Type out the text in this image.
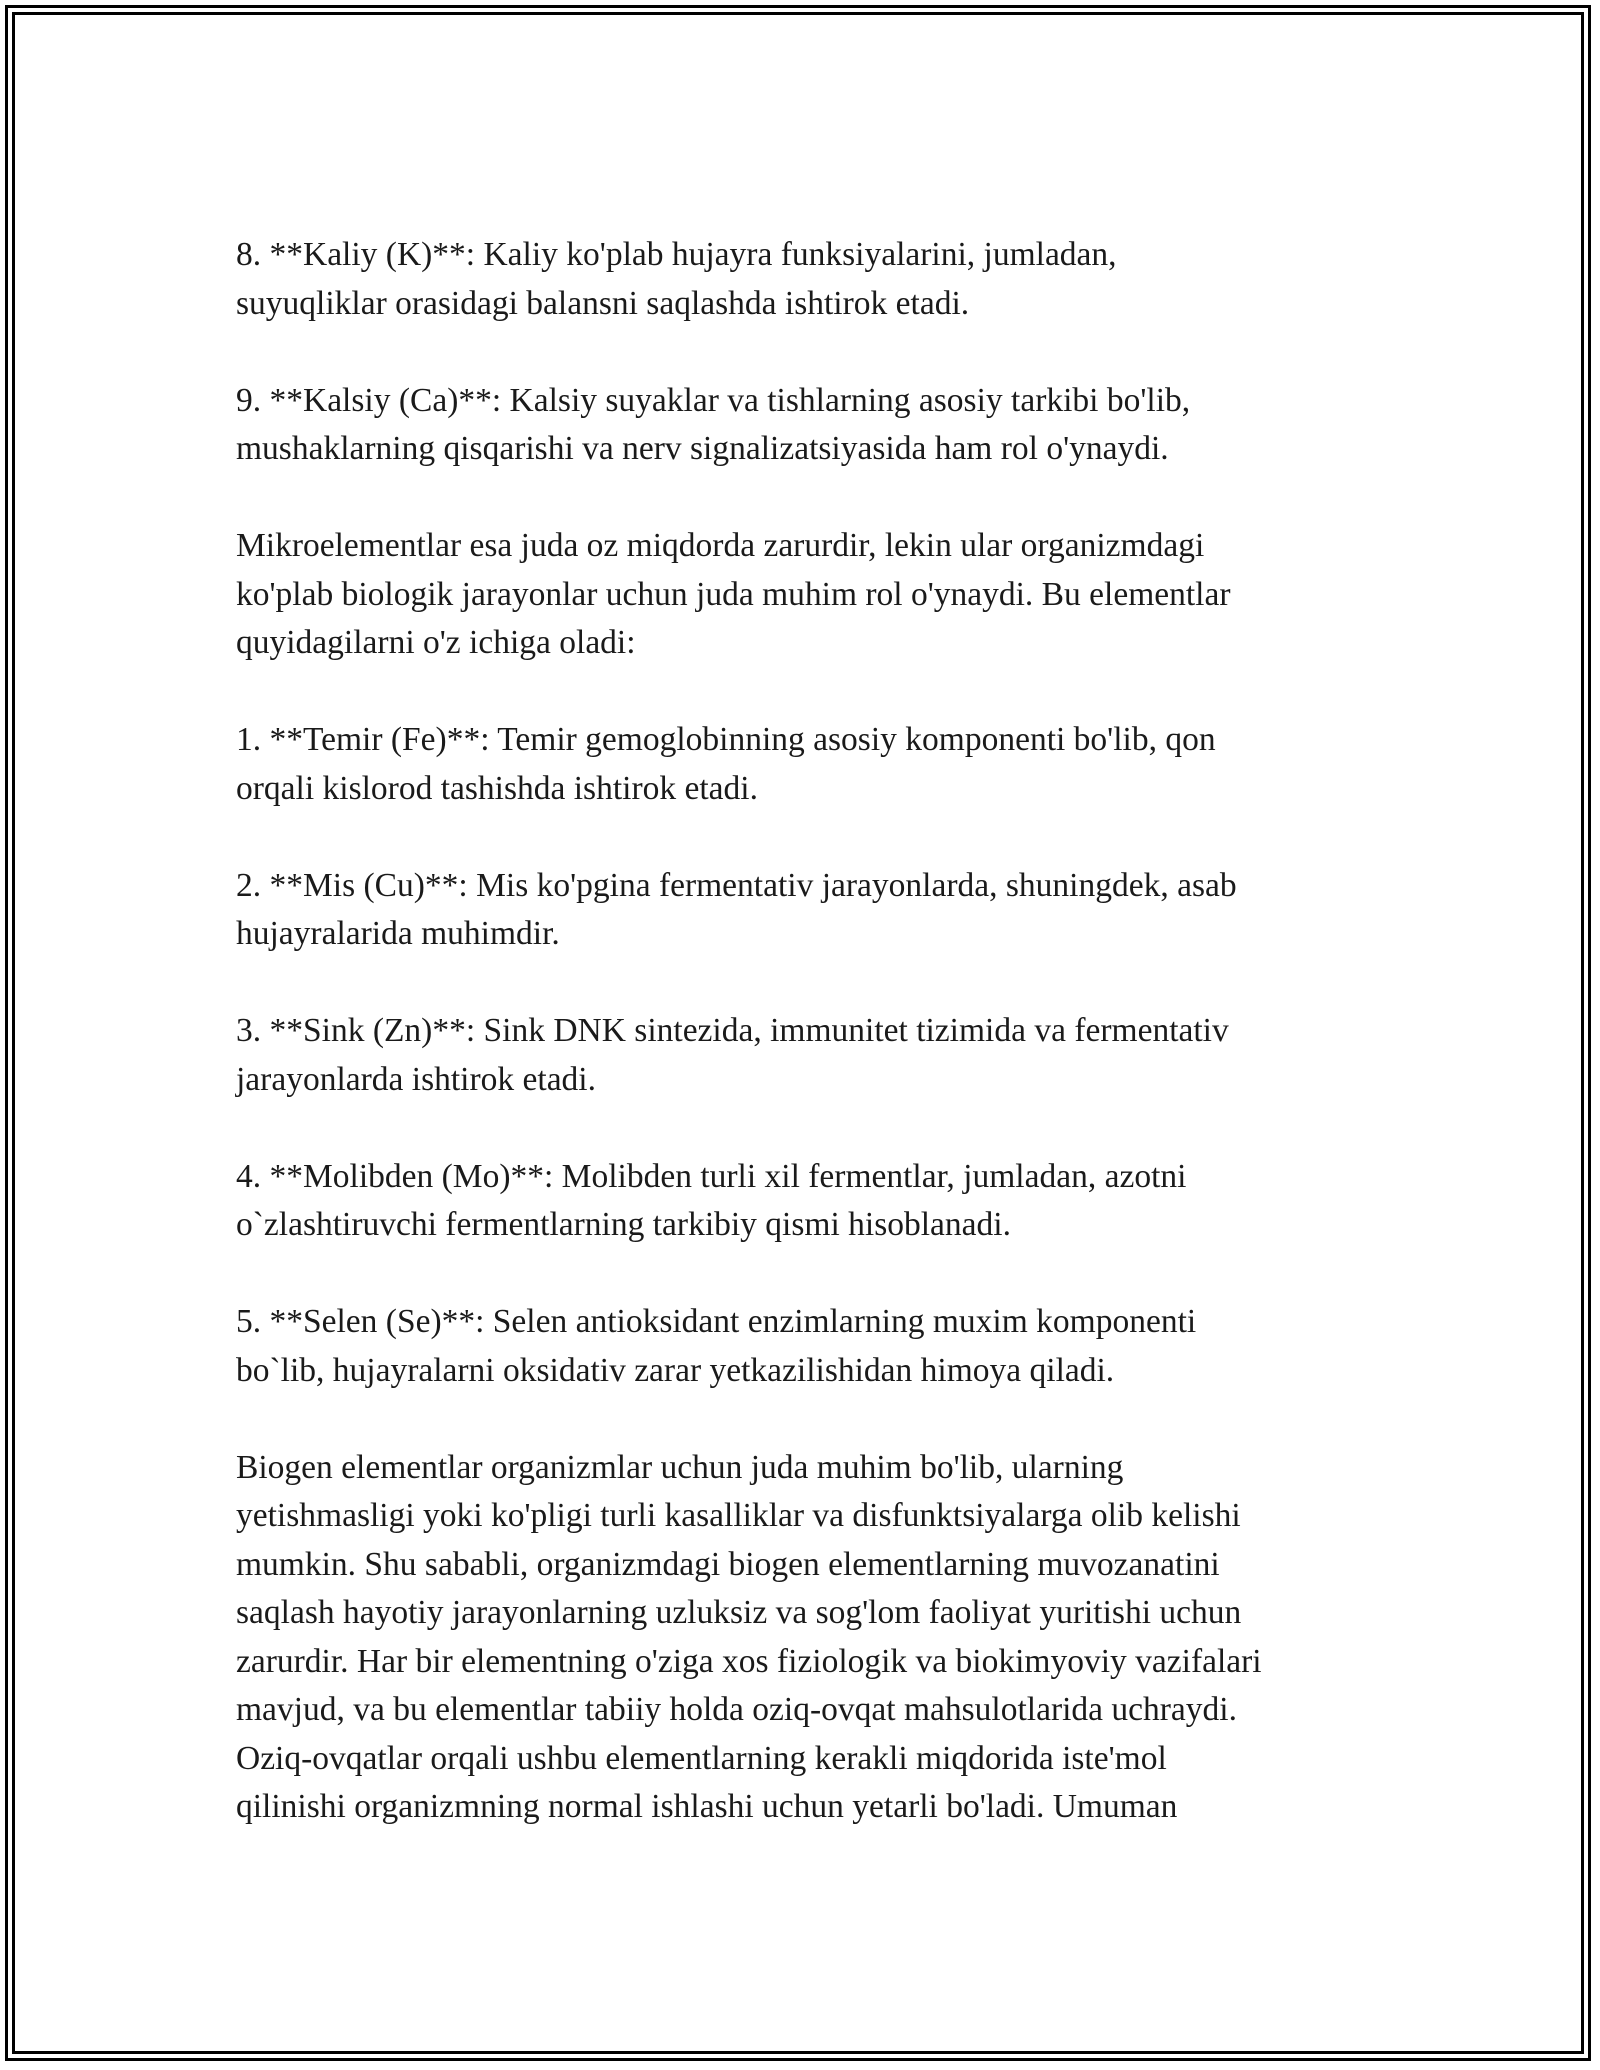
8. **Kaliy (K)**: Kaliy ko'plab hujayra funksiyalarini, jumladan,
suyuqliklar orasidagi balansni saqlashda ishtirok etadi.

9. **Kalsiy (Ca)**: Kalsiy suyaklar va tishlarning asosiy tarkibi bo'lib,
mushaklarning qisqarishi va nerv signalizatsiyasida ham rol o'ynaydi.

Mikroelementlar esa juda oz miqdorda zarurdir, lekin ular organizmdagi
ko'plab biologik jarayonlar uchun juda muhim rol o'ynaydi. Bu elementlar
quyidagilarni o'z ichiga oladi:

1. **Temir (Fe)**: Temir gemoglobinning asosiy komponenti bo'lib, qon
orqali kislorod tashishda ishtirok etadi.

2. **Mis (Cu)**: Mis ko'pgina fermentativ jarayonlarda, shuningdek, asab
hujayralarida muhimdir.

3. **Sink (Zn)**: Sink DNK sintezida, immunitet tizimida va fermentativ
jarayonlarda ishtirok etadi.

4. **Molibden (Mo)**: Molibden turli xil fermentlar, jumladan, azotni
o`zlashtiruvchi fermentlarning tarkibiy qismi hisoblanadi.

5. **Selen (Se)**: Selen antioksidant enzimlarning muxim komponenti
bo`lib, hujayralarni oksidativ zarar yetkazilishidan himoya qiladi.

Biogen elementlar organizmlar uchun juda muhim bo'lib, ularning
yetishmasligi yoki ko'pligi turli kasalliklar va disfunktsiyalarga olib kelishi
mumkin. Shu sababli, organizmdagi biogen elementlarning muvozanatini
saqlash hayotiy jarayonlarning uzluksiz va sog'lom faoliyat yuritishi uchun
zarurdir. Har bir elementning o'ziga xos fiziologik va biokimyoviy vazifalari
mavjud, va bu elementlar tabiiy holda oziq-ovqat mahsulotlarida uchraydi.
Oziq-ovqatlar orqali ushbu elementlarning kerakli miqdorida iste'mol
qilinishi organizmning normal ishlashi uchun yetarli bo'ladi. Umuman
